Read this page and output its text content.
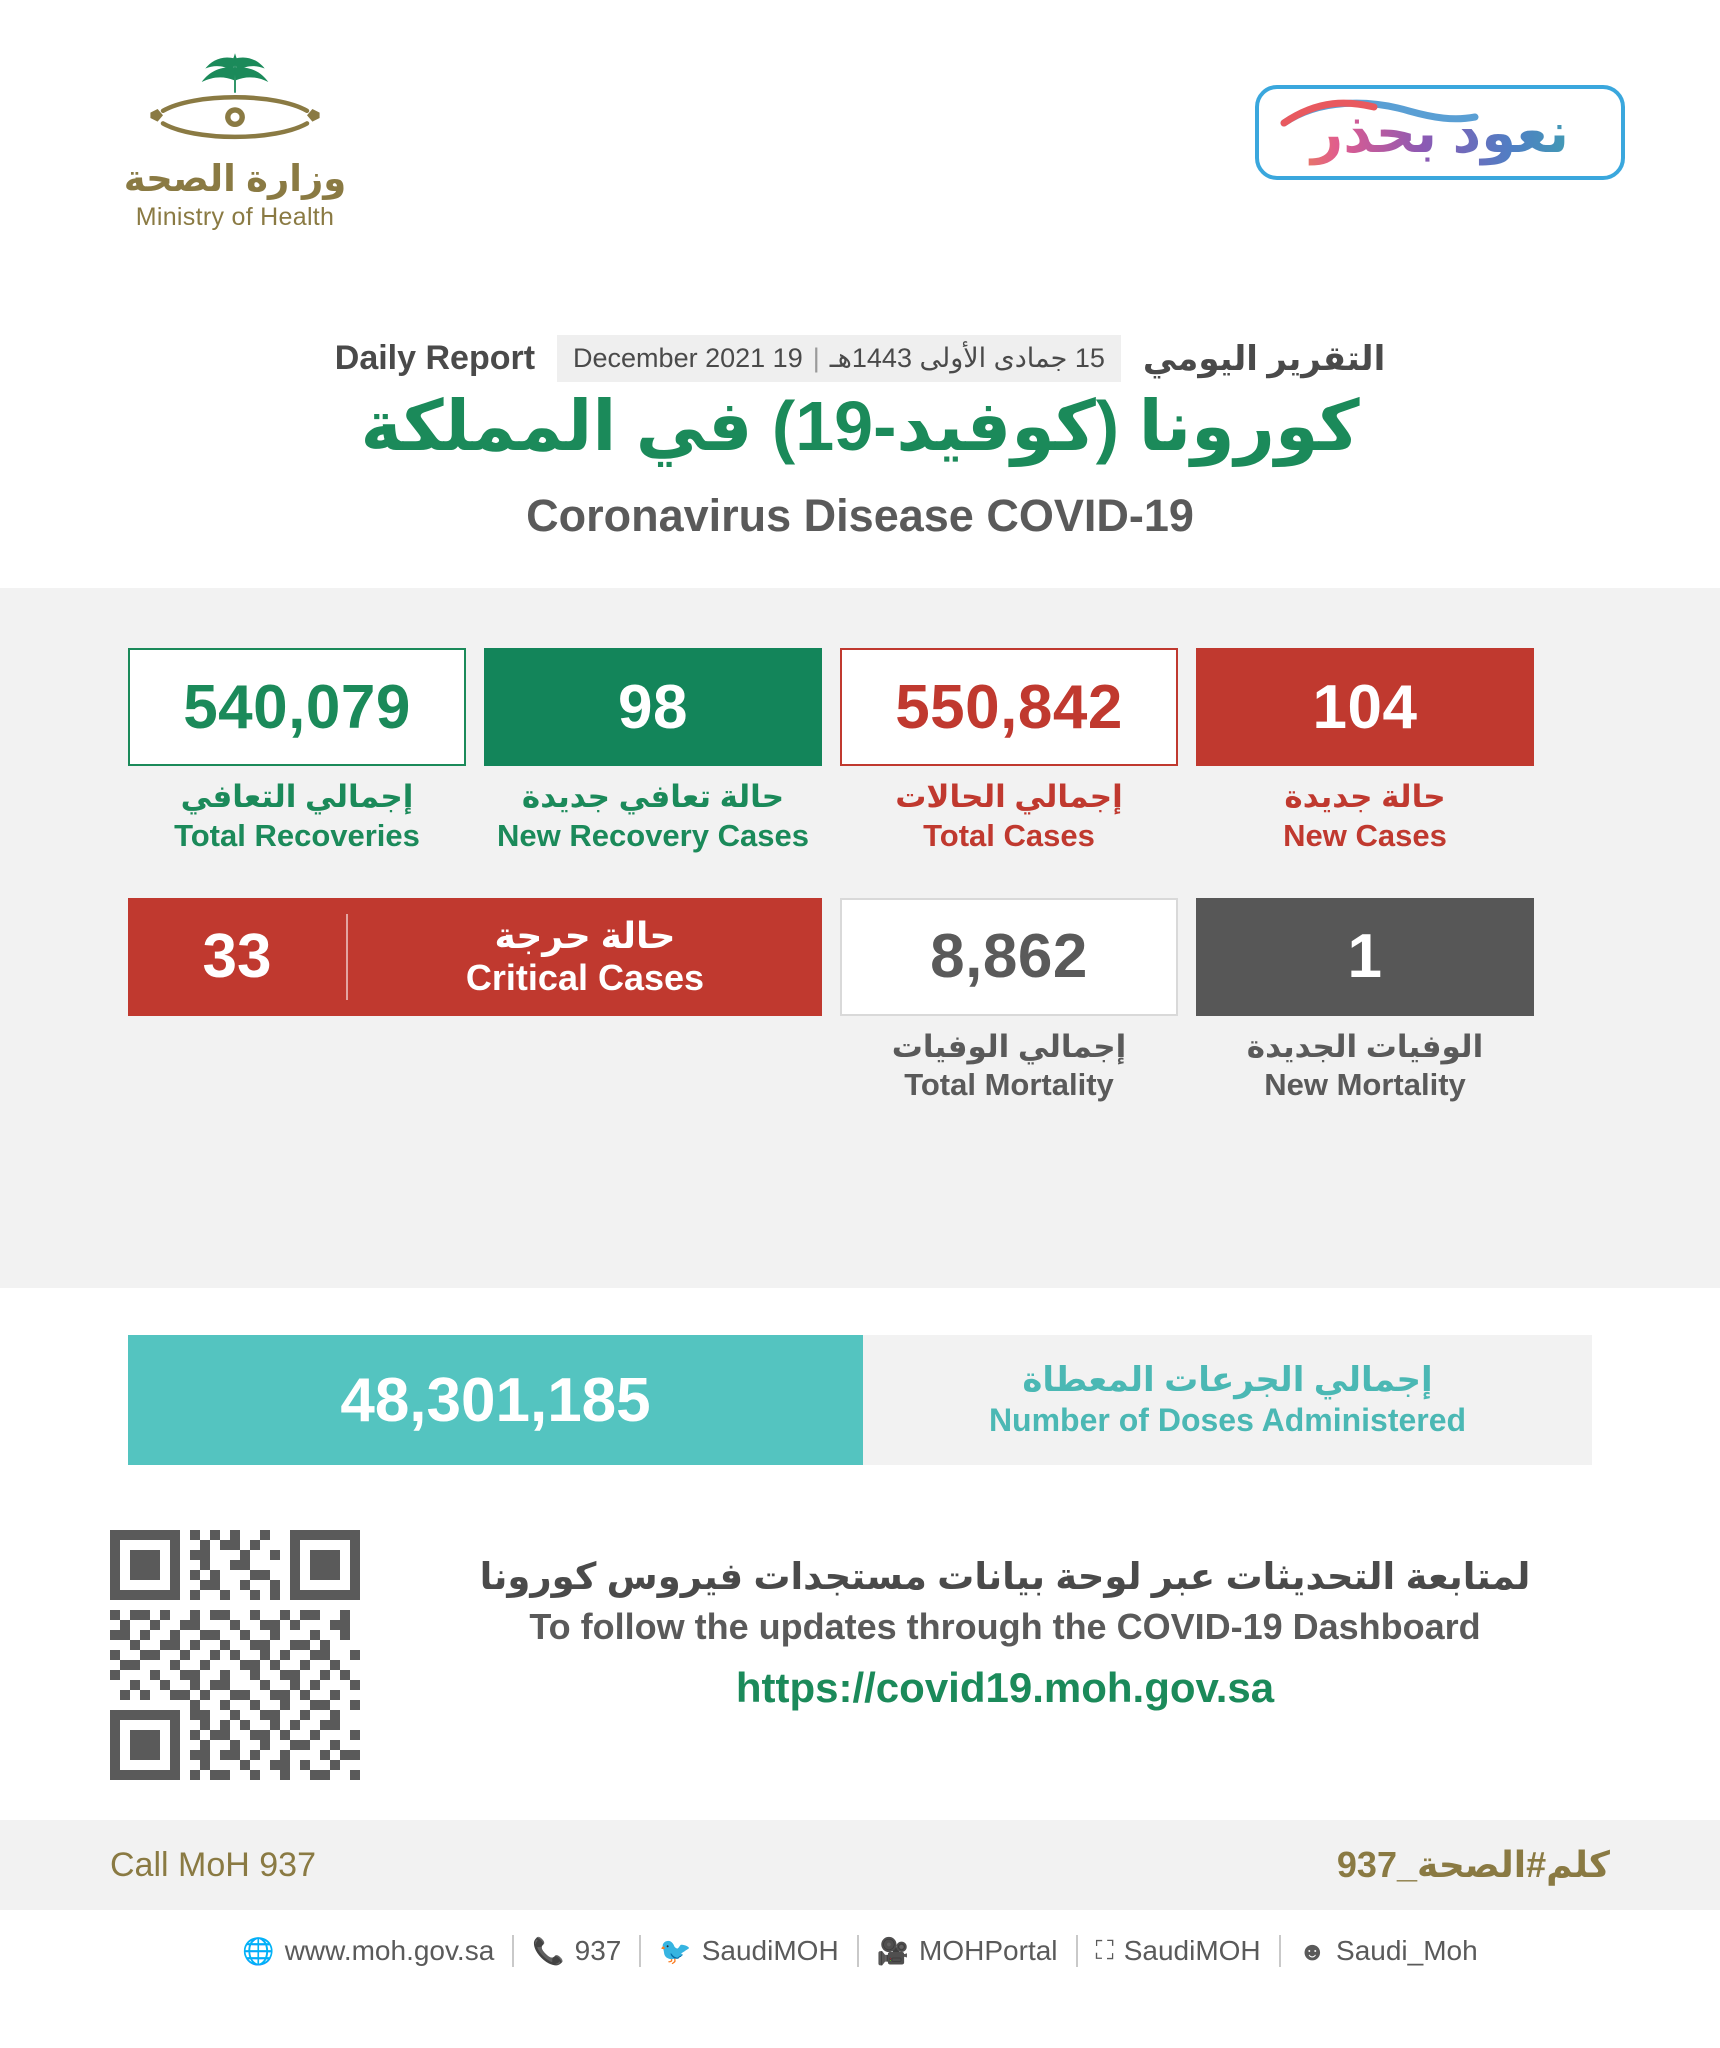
وزارة الصحة
Ministry of Health
نعود بحذر
Daily Report	15 جمادى الأولى 1443هـ
|
19 December 2021	التقرير اليومي
كورونا (كوفيد-19) في المملكة
Coronavirus Disease COVID-19
540,079
إجمالي التعافي
Total Recoveries
98
حالة تعافي جديدة
New Recovery Cases
550,842
إجمالي الحالات
Total Cases
104
حالة جديدة
New Cases
33	حالة حرجة
Critical Cases	8,862
إجمالي الوفيات
Total Mortality
1
الوفيات الجديدة
New Mortality
48,301,185	إجمالي الجرعات المعطاة
Number of Doses Administered
لمتابعة التحديثات عبر لوحة بيانات مستجدات فيروس كورونا
To follow the updates through the COVID-19 Dashboard
https://covid19.moh.gov.sa
Call MoH 937	كلم#الصحة_937
🌐 www.moh.gov.sa 📞 937 🐦 SaudiMOH 🎥 MOHPortal ⛶ SaudiMOH ☻ Saudi_Moh
